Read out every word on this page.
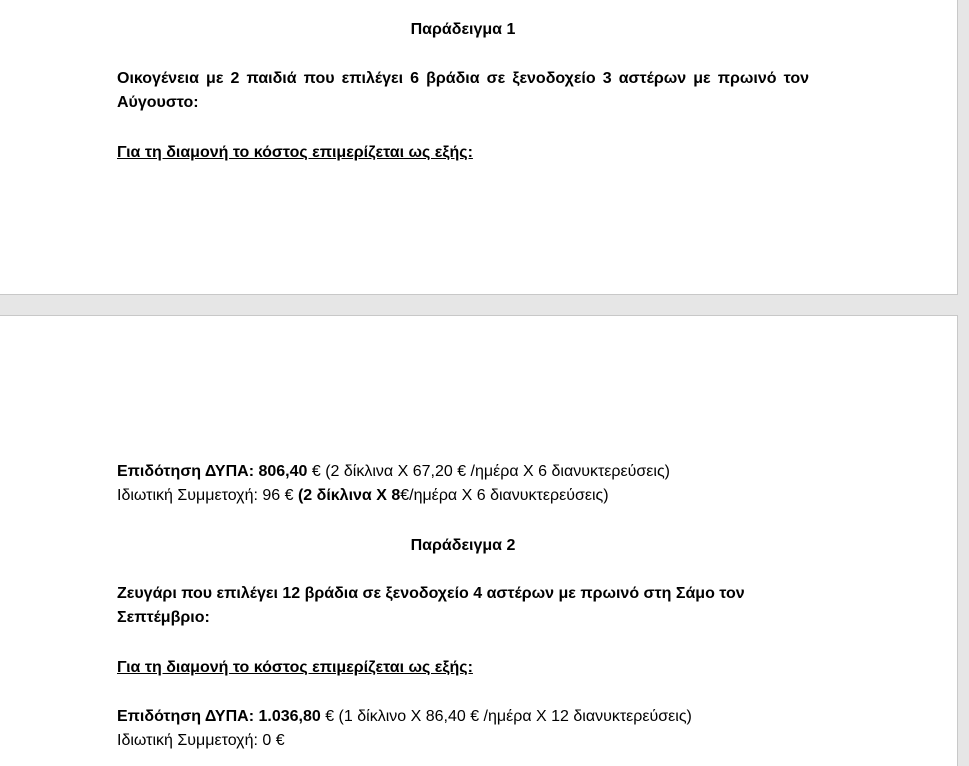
Παράδειγμα 1

Οικογένεια με 2 παιδιά που επιλέγει 6 βράδια σε ξενοδοχείο 3 αστέρων με πρωινό τον Αύγουστο:

Για τη διαμονή το κόστος επιμερίζεται ως εξής:

Επιδότηση ΔΥΠΑ: 806,40 € (2 δίκλινα Χ 67,20 € /ημέρα Χ 6 διανυκτερεύσεις)

Ιδιωτική Συμμετοχή: 96 € (2 δίκλινα Χ 8€/ημέρα Χ 6 διανυκτερεύσεις)

Παράδειγμα 2

Ζευγάρι που επιλέγει 12 βράδια σε ξενοδοχείο 4 αστέρων με πρωινό στη Σάμο τον Σεπτέμβριο:

Για τη διαμονή το κόστος επιμερίζεται ως εξής:

Επιδότηση ΔΥΠΑ: 1.036,80 € (1 δίκλινο Χ 86,40 € /ημέρα Χ 12 διανυκτερεύσεις)

Ιδιωτική Συμμετοχή: 0 €
